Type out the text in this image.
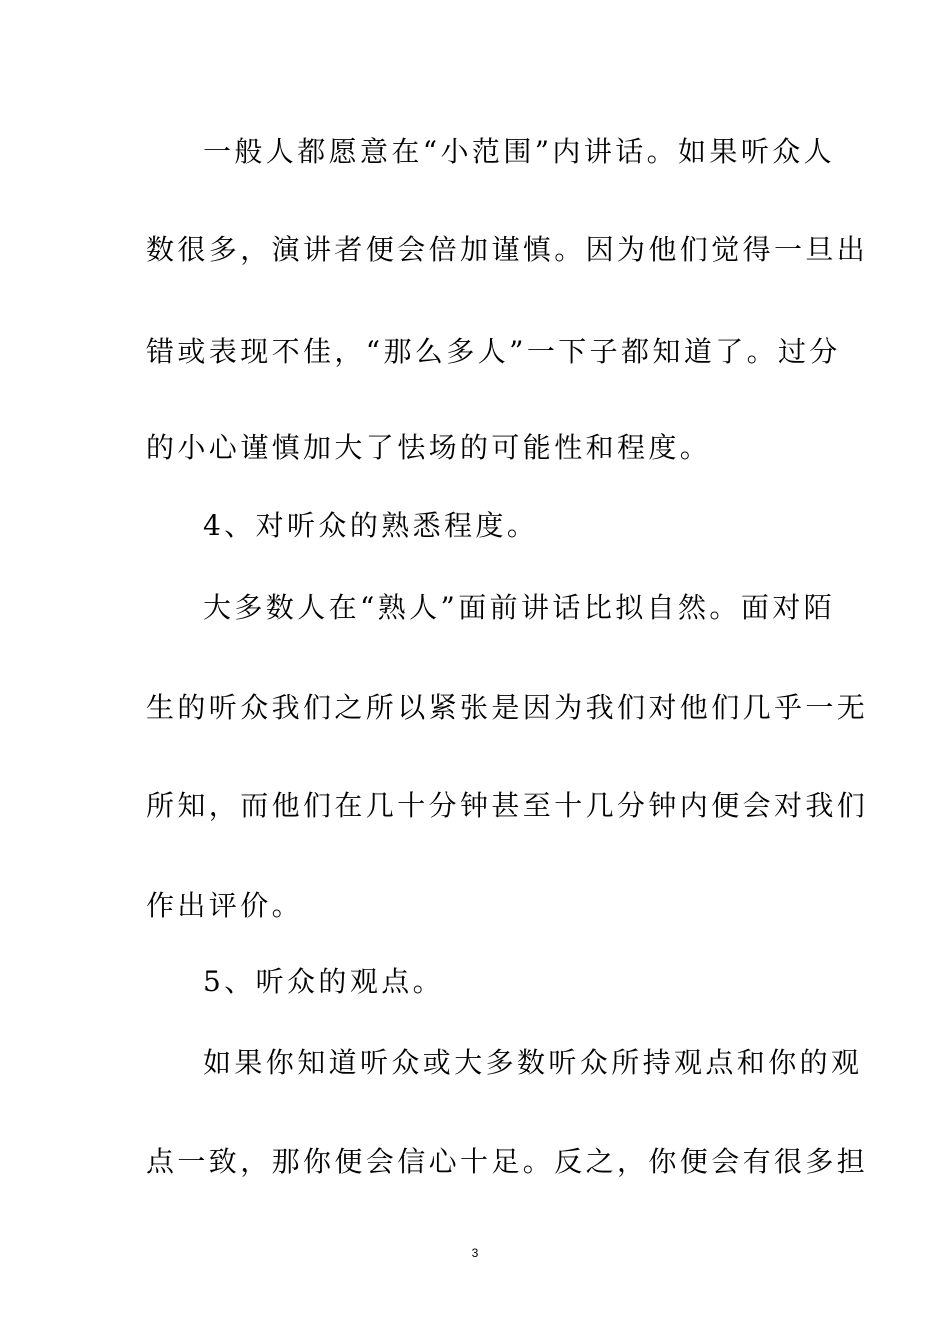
一般人都愿意在“小范围”内讲话。如果听众人
数很多，演讲者便会倍加谨慎。因为他们觉得一旦出
错或表现不佳，“那么多人”一下子都知道了。过分
的小心谨慎加大了怯场的可能性和程度。
4、对听众的熟悉程度。
大多数人在“熟人”面前讲话比拟自然。面对陌
生的听众我们之所以紧张是因为我们对他们几乎一无
所知，而他们在几十分钟甚至十几分钟内便会对我们
作出评价。
5、听众的观点。
如果你知道听众或大多数听众所持观点和你的观
点一致，那你便会信心十足。反之，你便会有很多担
3
